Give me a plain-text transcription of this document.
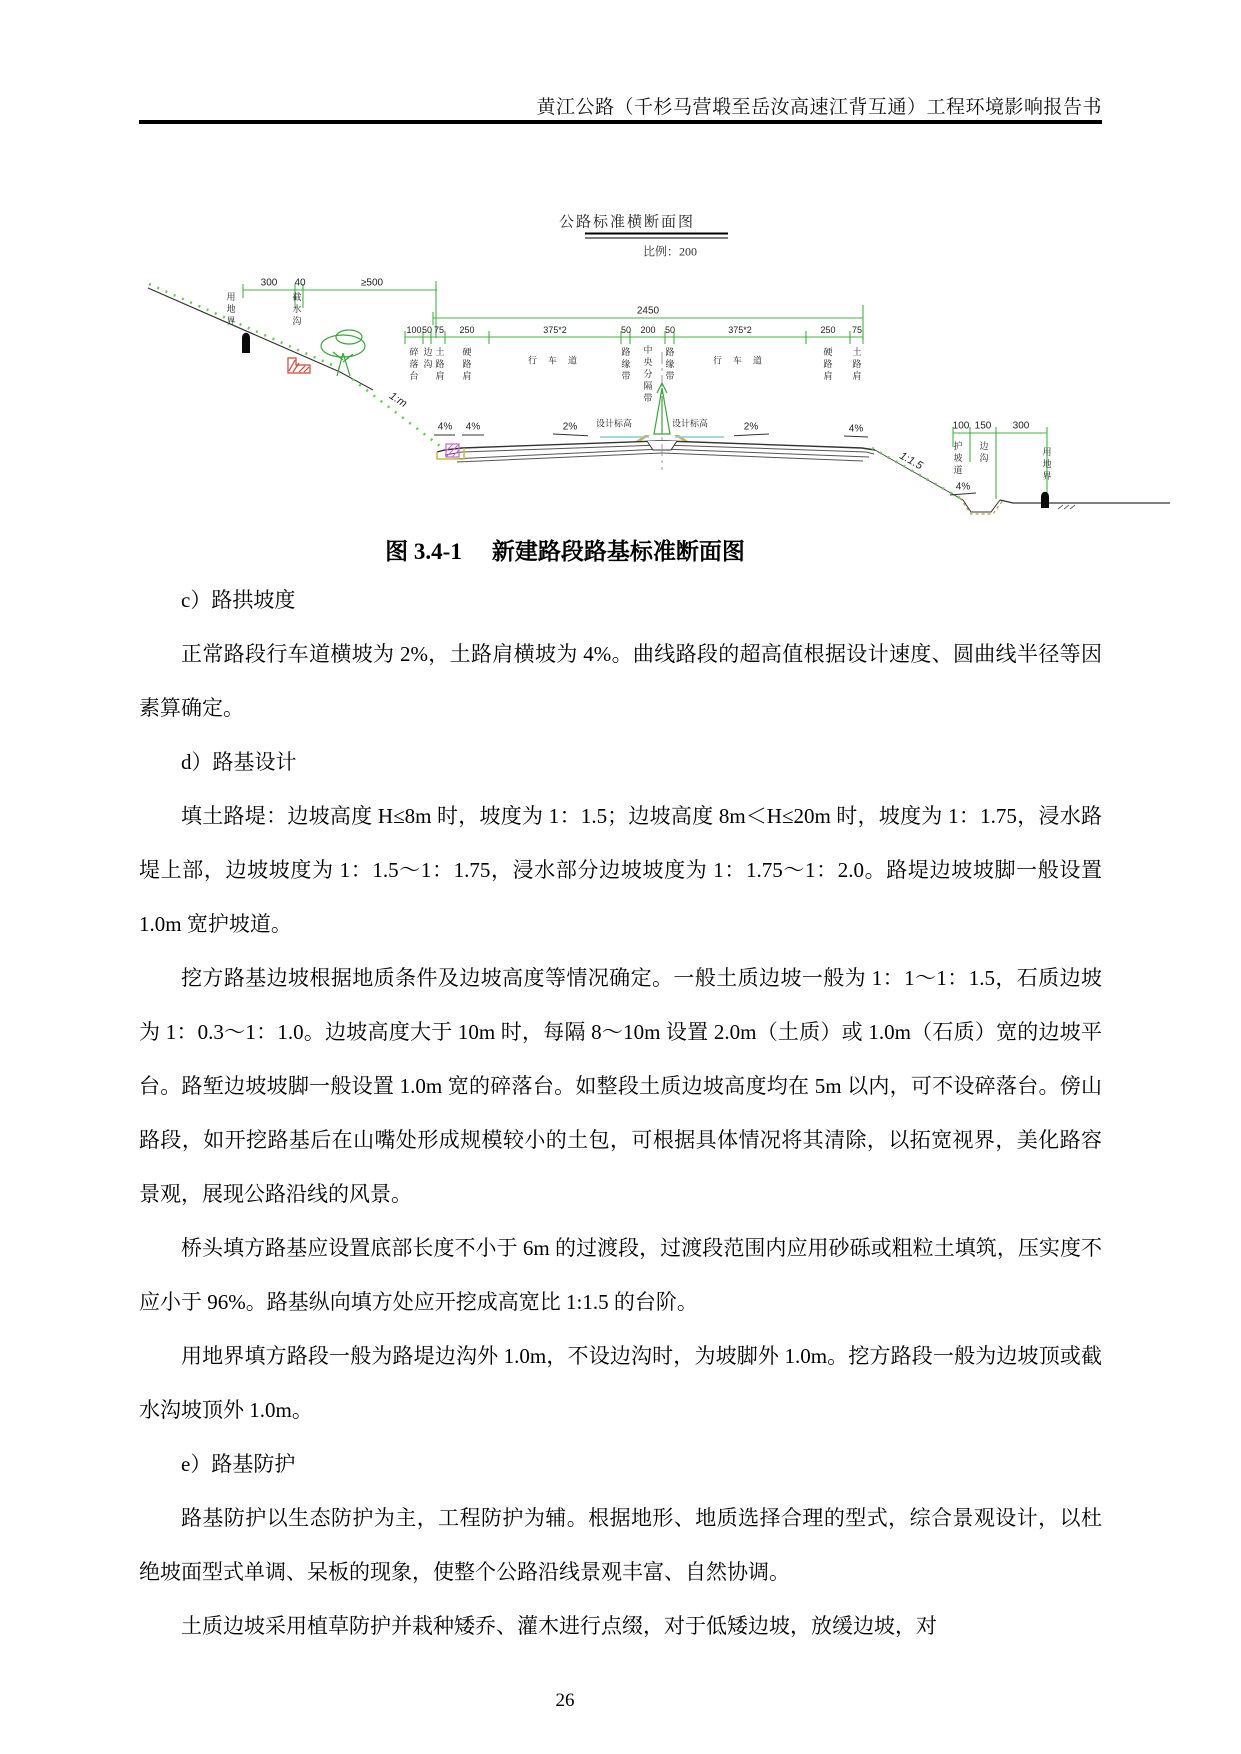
黄江公路（千杉马营塅至岳汝高速江背互通）工程环境影响报告书
公路标准横断面图
比例：200
300 40	≥500
2450
100 50 75 250	375*2	50 200 50	375*2	250 75
100 150 300
用地界	截水沟
碎落台 边沟 土路肩 硬路肩	行车道	路缘带 中央分隔带 路缘带	行车道	硬路肩 土路肩
护坡道 边沟	用地界
设计标高	设计标高
4% 4%	2%	2%	4%
4%
1:m
1:1.5
图 3.4-1 新建路段路基标准断面图

c）路拱坡度

正常路段行车道横坡为 2%，土路肩横坡为 4%。曲线路段的超高值根据设计速度、圆曲线半径等因素算确定。

d）路基设计

填土路堤：边坡高度 H≤8m 时，坡度为 1：1.5；边坡高度 8m＜H≤20m 时，坡度为 1：1.75，浸水路堤上部，边坡坡度为 1：1.5～1：1.75，浸水部分边坡坡度为 1：1.75～1：2.0。路堤边坡坡脚一般设置 1.0m 宽护坡道。

挖方路基边坡根据地质条件及边坡高度等情况确定。一般土质边坡一般为 1：1～1：1.5，石质边坡为 1：0.3～1：1.0。边坡高度大于 10m 时，每隔 8～10m 设置 2.0m（土质）或 1.0m（石质）宽的边坡平台。路堑边坡坡脚一般设置 1.0m 宽的碎落台。如整段土质边坡高度均在 5m 以内，可不设碎落台。傍山路段，如开挖路基后在山嘴处形成规模较小的土包，可根据具体情况将其清除，以拓宽视界，美化路容景观，展现公路沿线的风景。

桥头填方路基应设置底部长度不小于 6m 的过渡段，过渡段范围内应用砂砾或粗粒土填筑，压实度不应小于 96%。路基纵向填方处应开挖成高宽比 1:1.5 的台阶。

用地界填方路段一般为路堤边沟外 1.0m，不设边沟时，为坡脚外 1.0m。挖方路段一般为边坡顶或截水沟坡顶外 1.0m。

e）路基防护

路基防护以生态防护为主，工程防护为辅。根据地形、地质选择合理的型式，综合景观设计，以杜绝坡面型式单调、呆板的现象，使整个公路沿线景观丰富、自然协调。

土质边坡采用植草防护并栽种矮乔、灌木进行点缀，对于低矮边坡，放缓边坡，对

26
